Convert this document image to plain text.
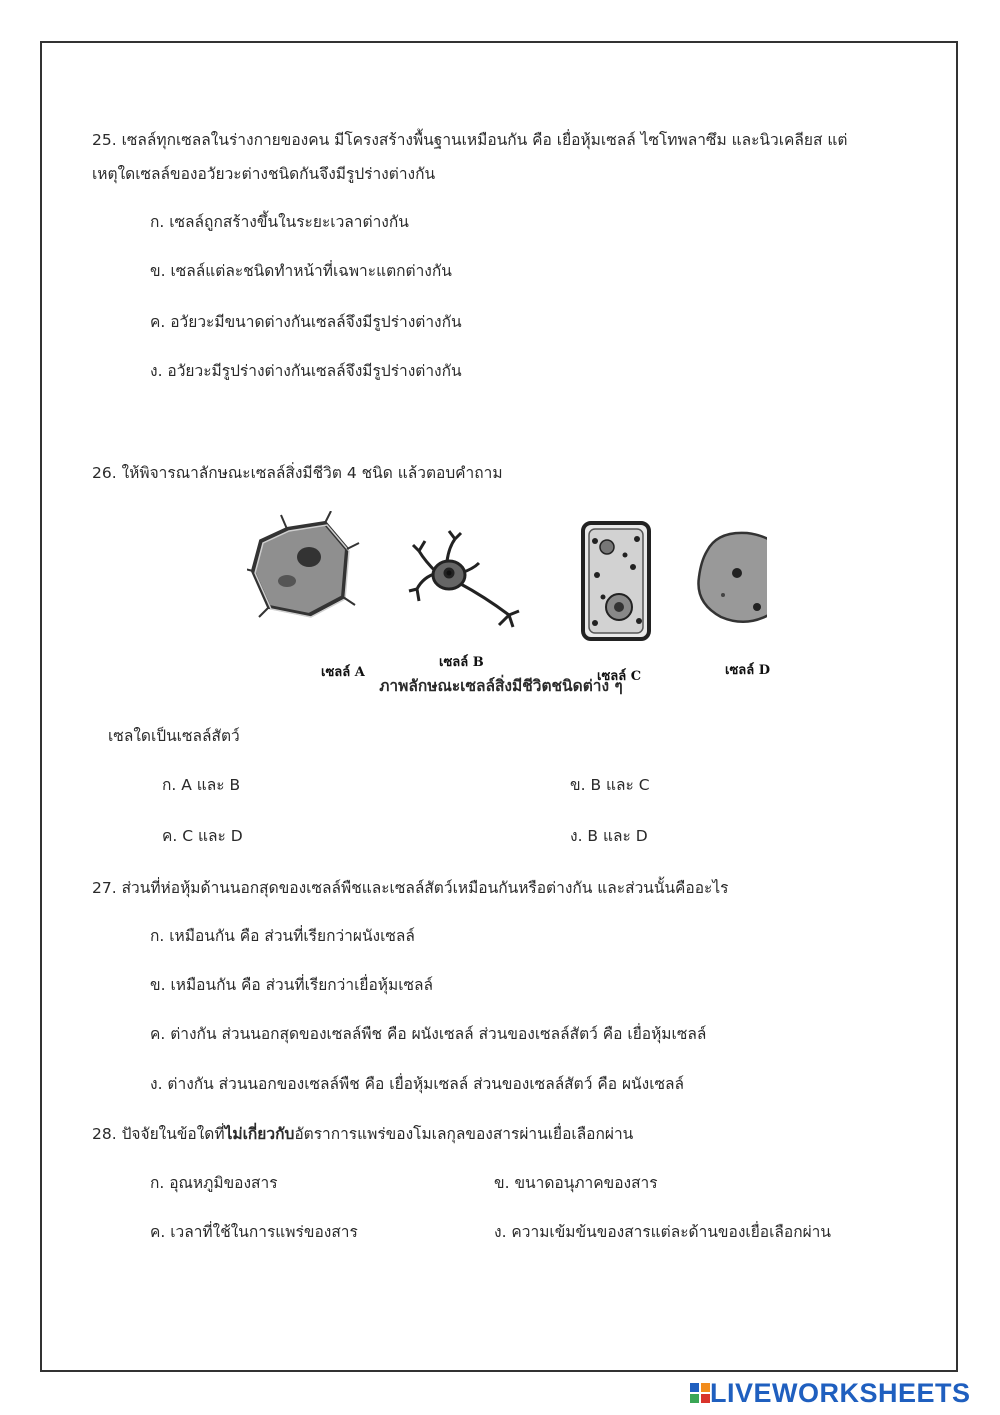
25. เซลล์ทุกเซลลในร่างกายของคน มีโครงสร้างพื้นฐานเหมือนกัน คือ เยื่อหุ้มเซลล์ ไซโทพลาซึม และนิวเคลียส แต่
เหตุใดเซลล์ของอวัยวะต่างชนิดกันจึงมีรูปร่างต่างกัน
ก. เซลล์ถูกสร้างขึ้นในระยะเวลาต่างกัน
ข. เซลล์แต่ละชนิดทำหน้าที่เฉพาะแตกต่างกัน
ค. อวัยวะมีขนาดต่างกันเซลล์จึงมีรูปร่างต่างกัน
ง. อวัยวะมีรูปร่างต่างกันเซลล์จึงมีรูปร่างต่างกัน
26. ให้พิจารณาลักษณะเซลล์สิ่งมีชีวิต 4 ชนิด แล้วตอบคำถาม
เซลล์ A
เซลล์ B
เซลล์ C	เซลล์ D
ภาพลักษณะเซลล์สิ่งมีชีวิตชนิดต่าง ๆ
เซลใดเป็นเซลล์สัตว์
ก. A และ B	ข. B และ C
ค. C และ D	ง. B และ D
27. ส่วนที่ห่อหุ้มด้านนอกสุดของเซลล์พืชและเซลล์สัตว์เหมือนกันหรือต่างกัน และส่วนนั้นคืออะไร
ก. เหมือนกัน คือ ส่วนที่เรียกว่าผนังเซลล์
ข. เหมือนกัน คือ ส่วนที่เรียกว่าเยื่อหุ้มเซลล์
ค. ต่างกัน ส่วนนอกสุดของเซลล์พืช คือ ผนังเซลล์ ส่วนของเซลล์สัตว์ คือ เยื่อหุ้มเซลล์
ง. ต่างกัน ส่วนนอกของเซลล์พืช คือ เยื่อหุ้มเซลล์ ส่วนของเซลล์สัตว์ คือ ผนังเซลล์
28. ปัจจัยในข้อใดที่ไม่เกี่ยวกับอัตราการแพร่ของโมเลกุลของสารผ่านเยื่อเลือกผ่าน
ก. อุณหภูมิของสาร	ข. ขนาดอนุภาคของสาร
ค. เวลาที่ใช้ในการแพร่ของสาร	ง. ความเข้มข้นของสารแต่ละด้านของเยื่อเลือกผ่าน
LIVEWORKSHEETS
